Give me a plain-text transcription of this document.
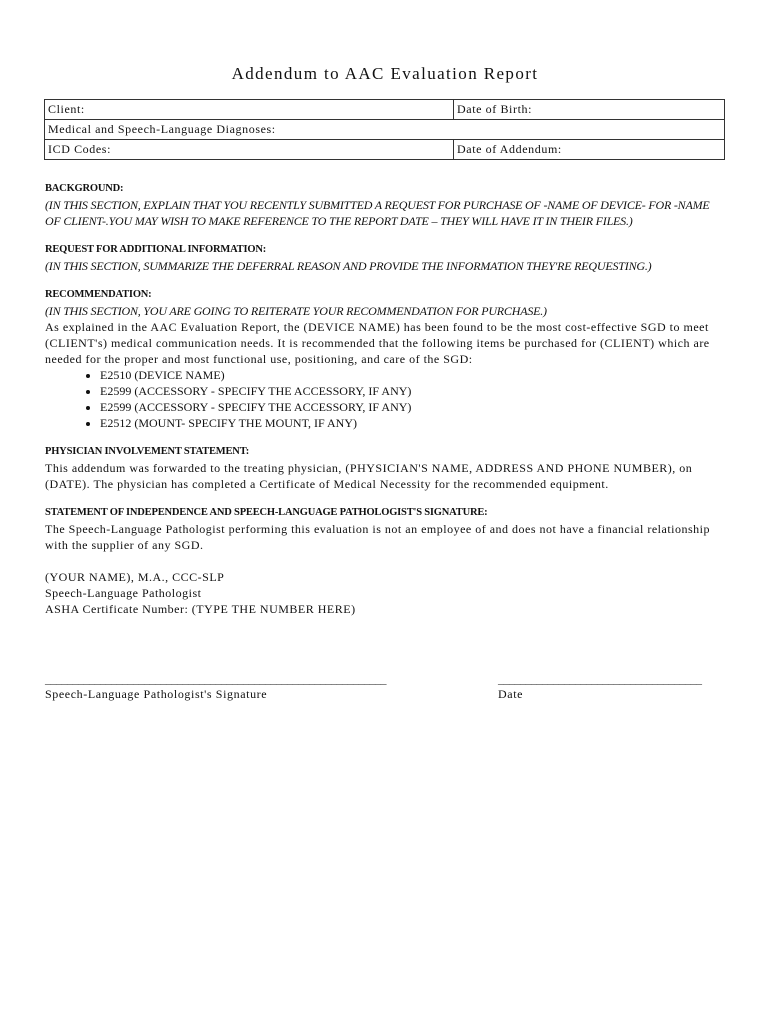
Addendum to AAC Evaluation Report
Client:	Date of Birth:
Medical and Speech-Language Diagnoses:	
ICD Codes:	Date of Addendum:
BACKGROUND:
(IN THIS SECTION, EXPLAIN THAT YOU RECENTLY SUBMITTED A REQUEST FOR PURCHASE OF -NAME OF DEVICE- FOR -NAME OF CLIENT-.YOU MAY WISH TO MAKE REFERENCE TO THE REPORT DATE – THEY WILL HAVE IT IN THEIR FILES.)
REQUEST FOR ADDITIONAL INFORMATION:
(IN THIS SECTION, SUMMARIZE THE DEFERRAL REASON AND PROVIDE THE INFORMATION THEY'RE REQUESTING.)
RECOMMENDATION:
(IN THIS SECTION, YOU ARE GOING TO REITERATE YOUR RECOMMENDATION FOR PURCHASE.)
As explained in the AAC Evaluation Report, the (DEVICE NAME) has been found to be the most cost-effective SGD to meet (CLIENT's) medical communication needs. It is recommended that the following items be purchased for (CLIENT) which are needed for the proper and most functional use, positioning, and care of the SGD:
• E2510 (DEVICE NAME)
• E2599 (ACCESSORY - SPECIFY THE ACCESSORY, IF ANY)
• E2599 (ACCESSORY - SPECIFY THE ACCESSORY, IF ANY)
• E2512 (MOUNT- SPECIFY THE MOUNT, IF ANY)
PHYSICIAN INVOLVEMENT STATEMENT:
This addendum was forwarded to the treating physician, (PHYSICIAN'S NAME, ADDRESS AND PHONE NUMBER), on (DATE). The physician has completed a Certificate of Medical Necessity for the recommended equipment.
STATEMENT OF INDEPENDENCE AND SPEECH-LANGUAGE PATHOLOGIST'S SIGNATURE:
The Speech-Language Pathologist performing this evaluation is not an employee of and does not have a financial relationship with the supplier of any SGD.
(YOUR NAME), M.A., CCC-SLP
Speech-Language Pathologist
ASHA Certificate Number: (TYPE THE NUMBER HERE)
______________________________________________________________
Speech-Language Pathologist's Signature
_____________________________________
Date
